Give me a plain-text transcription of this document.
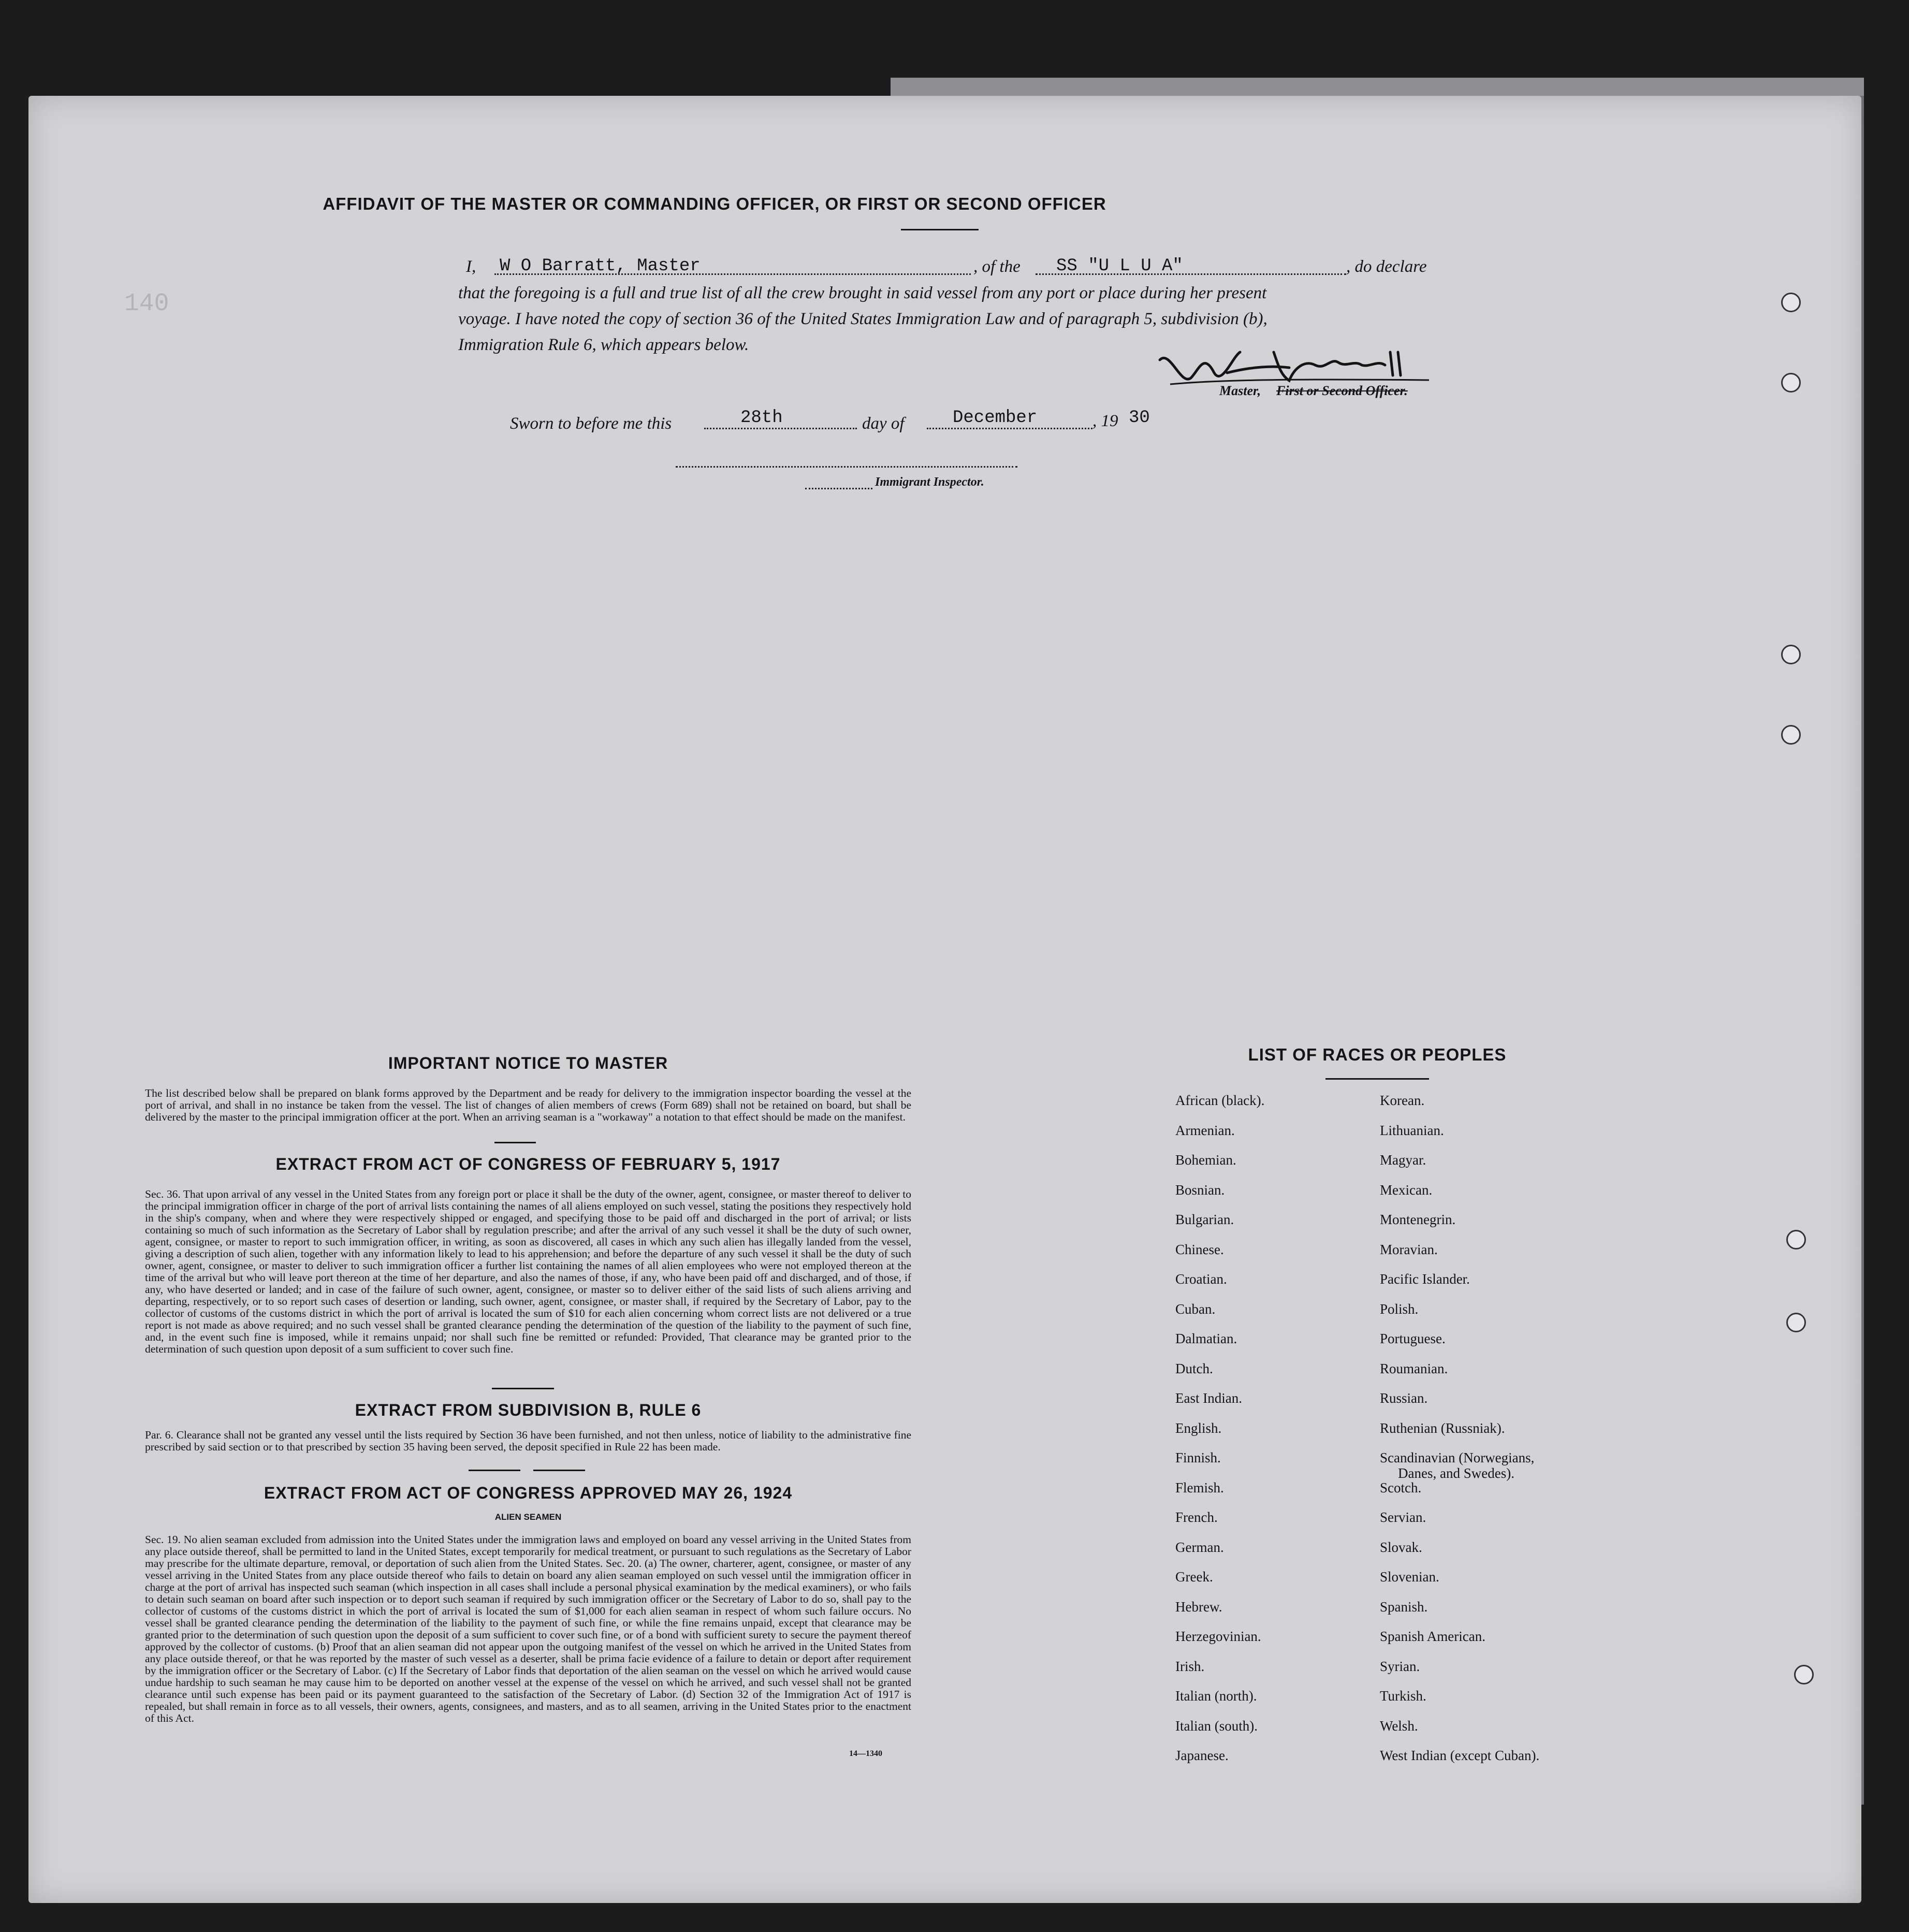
140
AFFIDAVIT OF THE MASTER OR COMMANDING OFFICER, OR FIRST OR SECOND OFFICER
I, W O Barratt, Master	, of the SS "U L U A"	, do declare
that the foregoing is a full and true list of all the crew brought in said vessel from any port or place during her present
voyage. I have noted the copy of section 36 of the United States Immigration Law and of paragraph 5, subdivision (b),
Immigration Rule 6, which appears below.
Master, First or Second Officer.
Sworn to before me this	28th	day of	December	, 19 30
Immigrant Inspector.
IMPORTANT NOTICE TO MASTER
The list described below shall be prepared on blank forms approved by the Department and be ready for delivery to the immigration inspector boarding the vessel at the port of arrival, and shall in no instance be taken from the vessel. The list of changes of alien members of crews (Form 689) shall not be retained on board, but shall be delivered by the master to the principal immigration officer at the port. When an arriving seaman is a "workaway" a notation to that effect should be made on the manifest.
EXTRACT FROM ACT OF CONGRESS OF FEBRUARY 5, 1917
Sec. 36. That upon arrival of any vessel in the United States from any foreign port or place it shall be the duty of the owner, agent, consignee, or master thereof to deliver to the principal immigration officer in charge of the port of arrival lists containing the names of all aliens employed on such vessel, stating the positions they respectively hold in the ship's company, when and where they were respectively shipped or engaged, and specifying those to be paid off and discharged in the port of arrival; or lists containing so much of such information as the Secretary of Labor shall by regulation prescribe; and after the arrival of any such vessel it shall be the duty of such owner, agent, consignee, or master to report to such immigration officer, in writing, as soon as discovered, all cases in which any such alien has illegally landed from the vessel, giving a description of such alien, together with any information likely to lead to his apprehension; and before the departure of any such vessel it shall be the duty of such owner, agent, consignee, or master to deliver to such immigration officer a further list containing the names of all alien employees who were not employed thereon at the time of the arrival but who will leave port thereon at the time of her departure, and also the names of those, if any, who have been paid off and discharged, and of those, if any, who have deserted or landed; and in case of the failure of such owner, agent, consignee, or master so to deliver either of the said lists of such aliens arriving and departing, respectively, or to so report such cases of desertion or landing, such owner, agent, consignee, or master shall, if required by the Secretary of Labor, pay to the collector of customs of the customs district in which the port of arrival is located the sum of $10 for each alien concerning whom correct lists are not delivered or a true report is not made as above required; and no such vessel shall be granted clearance pending the determination of the question of the liability to the payment of such fine, and, in the event such fine is imposed, while it remains unpaid; nor shall such fine be remitted or refunded: Provided, That clearance may be granted prior to the determination of such question upon deposit of a sum sufficient to cover such fine.
EXTRACT FROM SUBDIVISION B, RULE 6
Par. 6. Clearance shall not be granted any vessel until the lists required by Section 36 have been furnished, and not then unless, notice of liability to the administrative fine prescribed by said section or to that prescribed by section 35 having been served, the deposit specified in Rule 22 has been made.
EXTRACT FROM ACT OF CONGRESS APPROVED MAY 26, 1924
ALIEN SEAMEN
Sec. 19. No alien seaman excluded from admission into the United States under the immigration laws and employed on board any vessel arriving in the United States from any place outside thereof, shall be permitted to land in the United States, except temporarily for medical treatment, or pursuant to such regulations as the Secretary of Labor may prescribe for the ultimate departure, removal, or deportation of such alien from the United States. Sec. 20. (a) The owner, charterer, agent, consignee, or master of any vessel arriving in the United States from any place outside thereof who fails to detain on board any alien seaman employed on such vessel until the immigration officer in charge at the port of arrival has inspected such seaman (which inspection in all cases shall include a personal physical examination by the medical examiners), or who fails to detain such seaman on board after such inspection or to deport such seaman if required by such immigration officer or the Secretary of Labor to do so, shall pay to the collector of customs of the customs district in which the port of arrival is located the sum of $1,000 for each alien seaman in respect of whom such failure occurs. No vessel shall be granted clearance pending the determination of the liability to the payment of such fine, or while the fine remains unpaid, except that clearance may be granted prior to the determination of such question upon the deposit of a sum sufficient to cover such fine, or of a bond with sufficient surety to secure the payment thereof approved by the collector of customs. (b) Proof that an alien seaman did not appear upon the outgoing manifest of the vessel on which he arrived in the United States from any place outside thereof, or that he was reported by the master of such vessel as a deserter, shall be prima facie evidence of a failure to detain or deport after requirement by the immigration officer or the Secretary of Labor. (c) If the Secretary of Labor finds that deportation of the alien seaman on the vessel on which he arrived would cause undue hardship to such seaman he may cause him to be deported on another vessel at the expense of the vessel on which he arrived, and such vessel shall not be granted clearance until such expense has been paid or its payment guaranteed to the satisfaction of the Secretary of Labor. (d) Section 32 of the Immigration Act of 1917 is repealed, but shall remain in force as to all vessels, their owners, agents, consignees, and masters, and as to all seamen, arriving in the United States prior to the enactment of this Act.
14—1340
LIST OF RACES OR PEOPLES
African (black).
Armenian.
Bohemian.
Bosnian.
Bulgarian.
Chinese.
Croatian.
Cuban.
Dalmatian.
Dutch.
East Indian.
English.
Finnish.
Flemish.
French.
German.
Greek.
Hebrew.
Herzegovinian.
Irish.
Italian (north).
Italian (south).
Japanese.
Korean.
Lithuanian.
Magyar.
Mexican.
Montenegrin.
Moravian.
Pacific Islander.
Polish.
Portuguese.
Roumanian.
Russian.
Ruthenian (Russniak).
Scandinavian (Norwegians,
Danes, and Swedes).
Scotch.
Servian.
Slovak.
Slovenian.
Spanish.
Spanish American.
Syrian.
Turkish.
Welsh.
West Indian (except Cuban).
